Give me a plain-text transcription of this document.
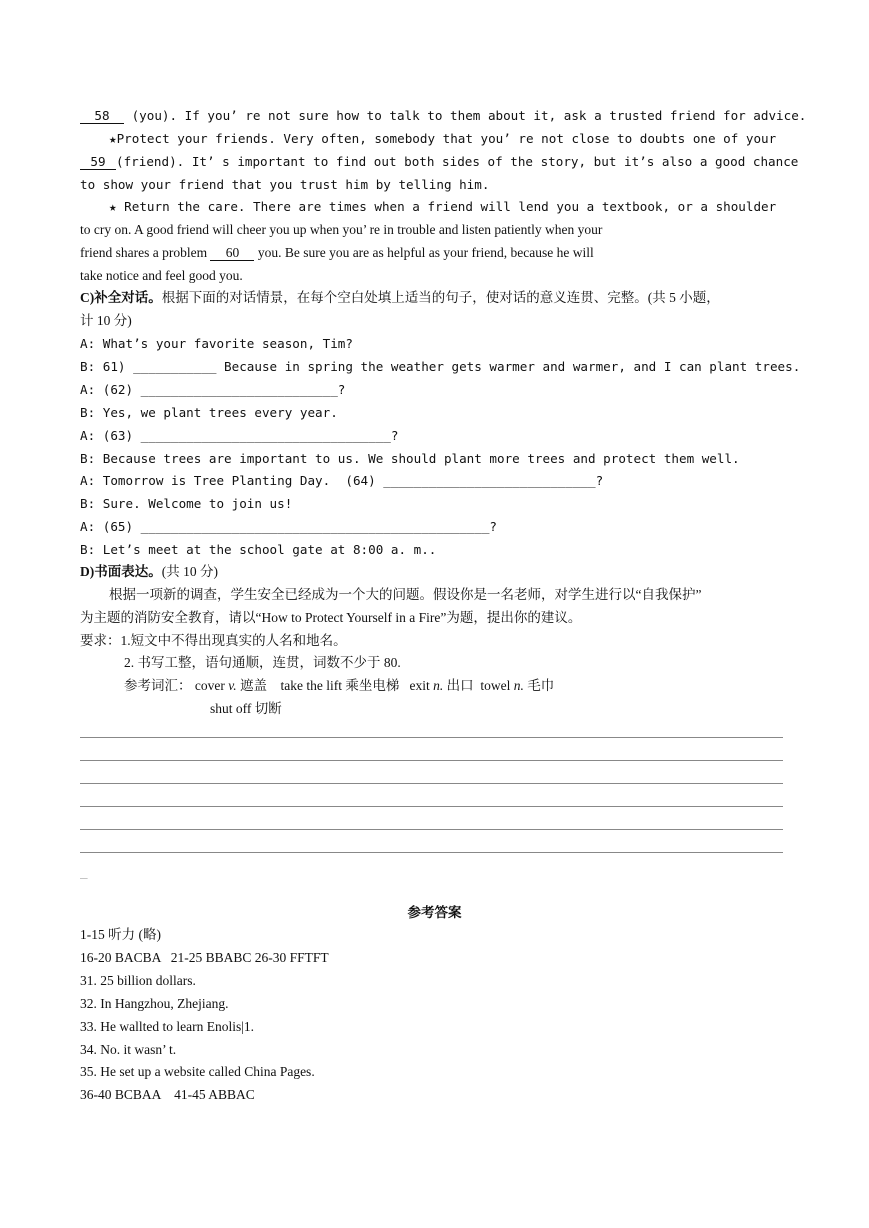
58 (you). If you’ re not sure how to talk to them about it, ask a trusted friend for advice.
★Protect your friends. Very often, somebody that you’ re not close to doubts one of your
59 (friend). It’ s important to find out both sides of the story, but it’s also a good chance
to show your friend that you trust him by telling him.
★ Return the care. There are times when a friend will lend you a textbook, or a shoulder
to cry on. A good friend will cheer you up when you’ re in trouble and listen patiently when your
friend shares a problem 60 you. Be sure you are as helpful as your friend, because he will
take notice and feel good you.
C)补全对话。根据下面的对话情景，在每个空白处填上适当的句子，使对话的意义连贯、完整。(共 5 小题，
计 10 分)
A: What’s your favorite season, Tim?
B: 61) ___________ Because in spring the weather gets warmer and warmer, and I can plant trees.
A: (62) __________________________?
B: Yes, we plant trees every year.
A: (63) _________________________________?
B: Because trees are important to us. We should plant more trees and protect them well.
A: Tomorrow is Tree Planting Day.  (64) ____________________________?
B: Sure. Welcome to join us!
A: (65) ______________________________________________?
B: Let’s meet at the school gate at 8:00 a. m..
D)书面表达。(共 10 分)
根据一项新的调查，学生安全已经成为一个大的问题。假设你是一名老师，对学生进行以“自我保护”
为主题的消防安全教育，请以“How to Protect Yourself in a Fire”为题，提出你的建议。
要求：1.短文中不得出现真实的人名和地名。
2. 书写工整，语句通顺，连贯，词数不少于 80.
参考词汇： cover v. 遮盖 take the lift 乘坐电梯 exit n. 出口 towel n. 毛巾
shut off 切断
_
参考答案
1-15 听力 (略)
16-20 BACBA   21-25 BBABC 26-30 FFTFT
31. 25 billion dollars.
32. In Hangzhou, Zhejiang.
33. He wallted to learn Enolis|1.
34. No. it wasn’ t.
35. He set up a website called China Pages.
36-40 BCBAA    41-45 ABBAC
